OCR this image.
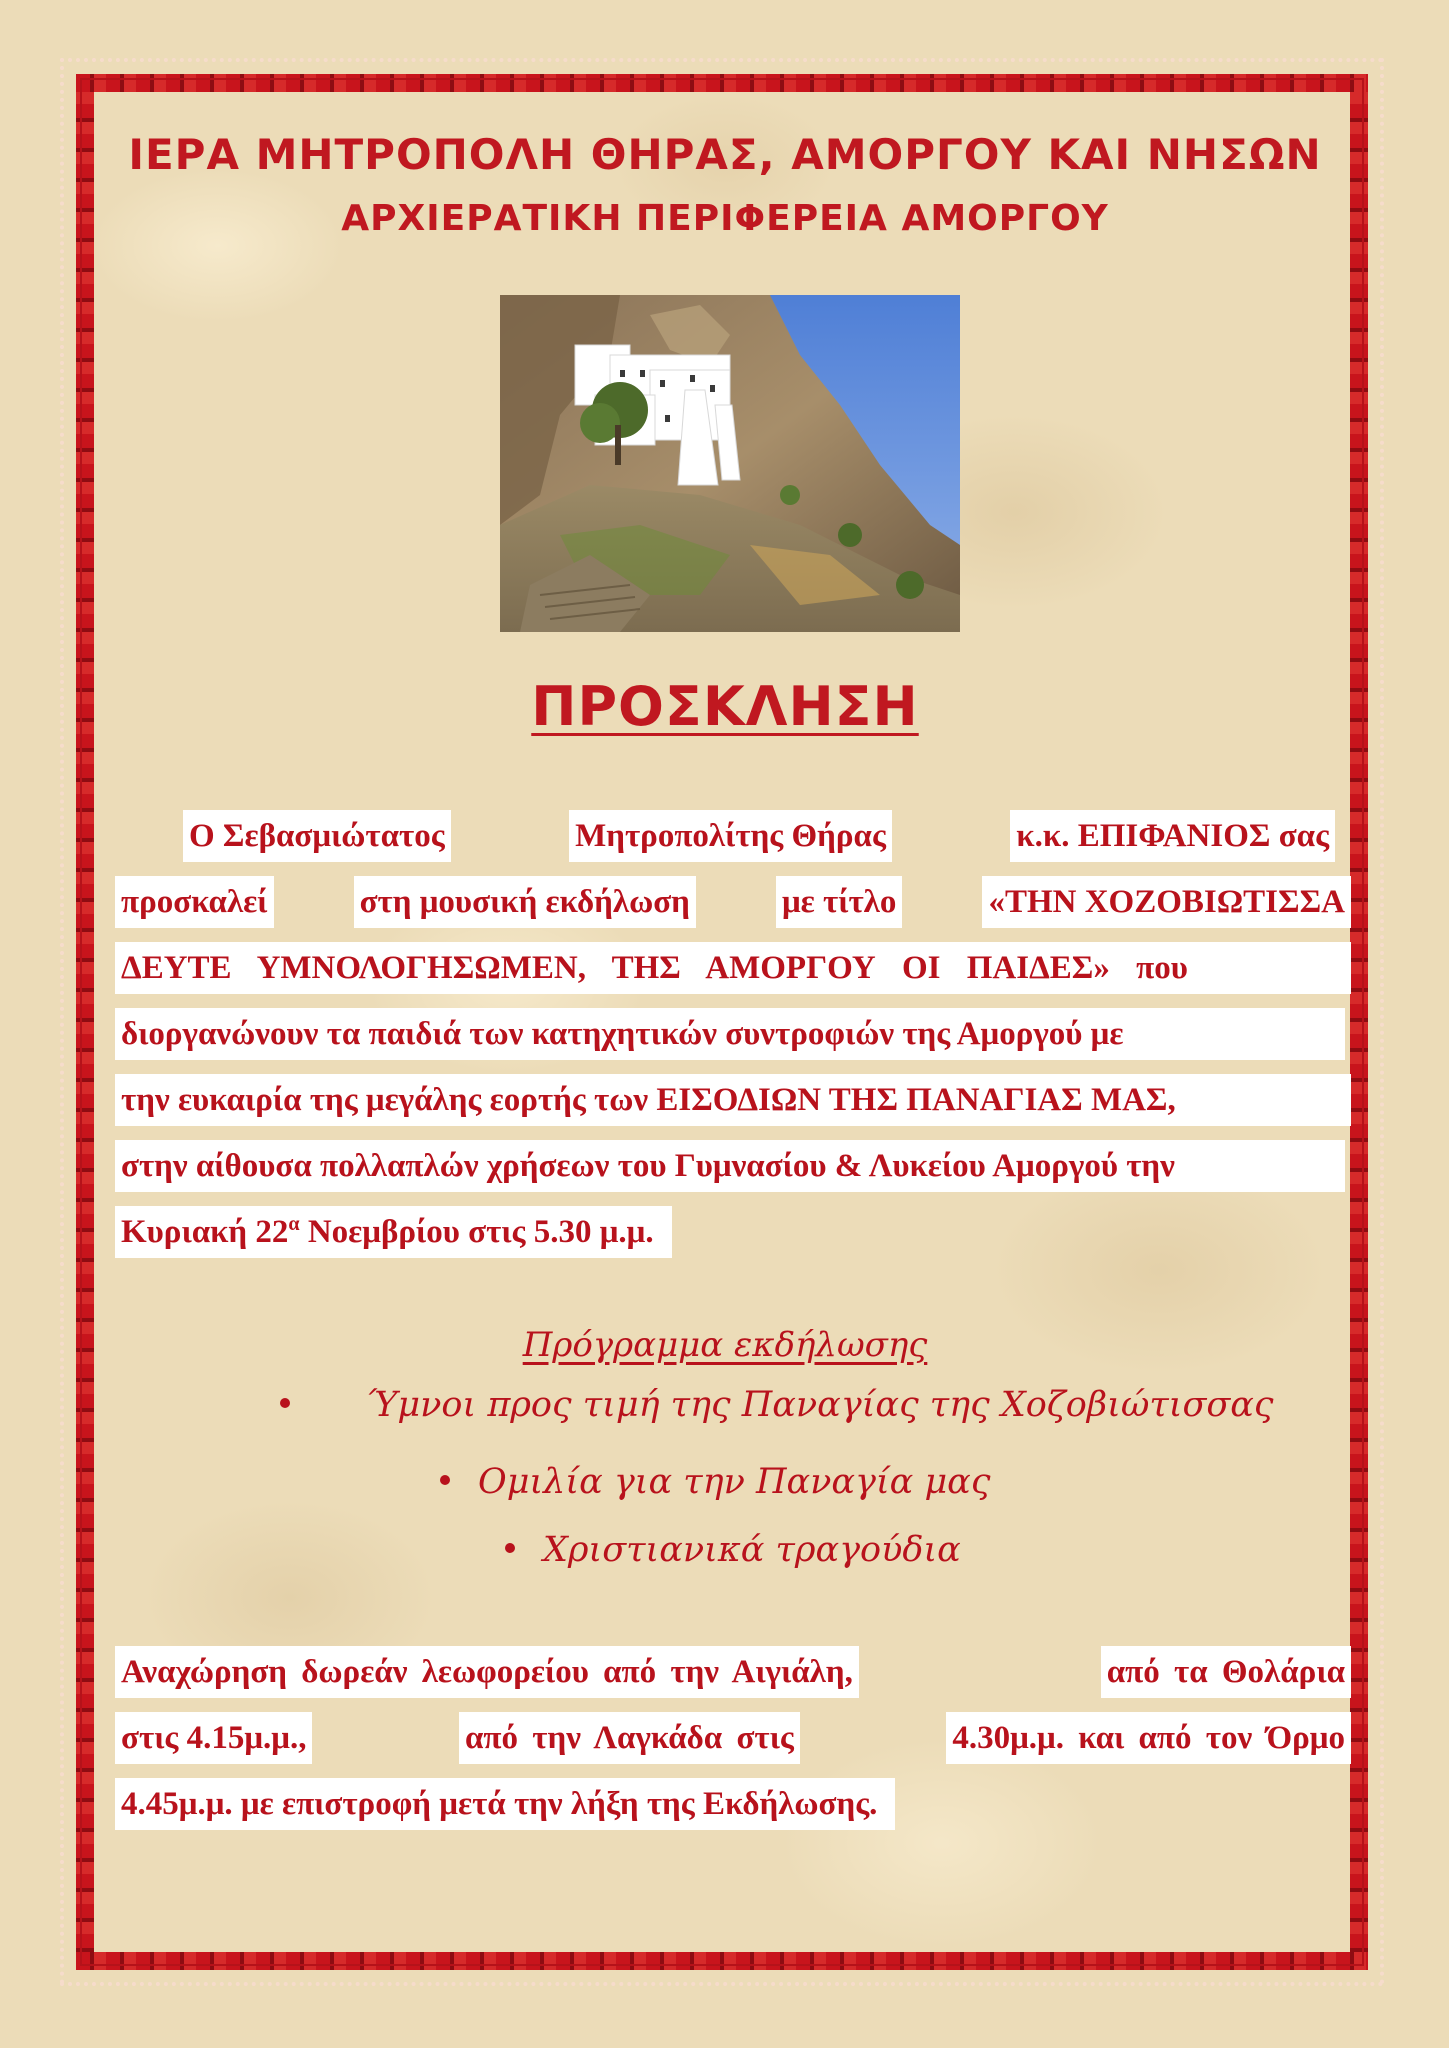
ΙΕΡΑ ΜΗΤΡΟΠΟΛΗ ΘΗΡΑΣ, ΑΜΟΡΓΟΥ ΚΑΙ ΝΗΣΩΝ
ΑΡΧΙΕΡΑΤΙΚΗ ΠΕΡΙΦΕΡΕΙΑ ΑΜΟΡΓΟΥ
ΠΡΟΣΚΛΗΣΗ
Ο Σεβασμιώτατος	Μητροπολίτης Θήρας	κ.κ. ΕΠΙΦΑΝΙΟΣ σας
προσκαλεί	στη μουσική εκδήλωση	με τίτλο	«ΤΗΝ ΧΟΖΟΒΙΩΤΙΣΣΑ
ΔΕΥΤΕ ΥΜΝΟΛΟΓΗΣΩΜΕΝ, ΤΗΣ ΑΜΟΡΓΟΥ ΟΙ ΠΑΙΔΕΣ» που
διοργανώνουν τα παιδιά των κατηχητικών συντροφιών της Αμοργού με
την ευκαιρία της μεγάλης εορτής των ΕΙΣΟΔΙΩΝ ΤΗΣ ΠΑΝΑΓΙΑΣ ΜΑΣ,
στην αίθουσα πολλαπλών χρήσεων του Γυμνασίου & Λυκείου Αμοργού την
Κυριακή $22^\alpha$ Νοεμβρίου στις 5.30 μ.μ.
Πρόγραμμα εκδήλωσης
Ύμνοι προς τιμή της Παναγίας της Χοζοβιώτισσας
Ομιλία για την Παναγία μας
Χριστιανικά τραγούδια
Αναχώρηση δωρεάν λεωφορείου από την Αιγιάλη,	από τα Θολάρια
στις 4.15μ.μ.,	από την Λαγκάδα στις	4.30μ.μ. και από τον Όρμο
4.45μ.μ. με επιστροφή μετά την λήξη της Εκδήλωσης.
